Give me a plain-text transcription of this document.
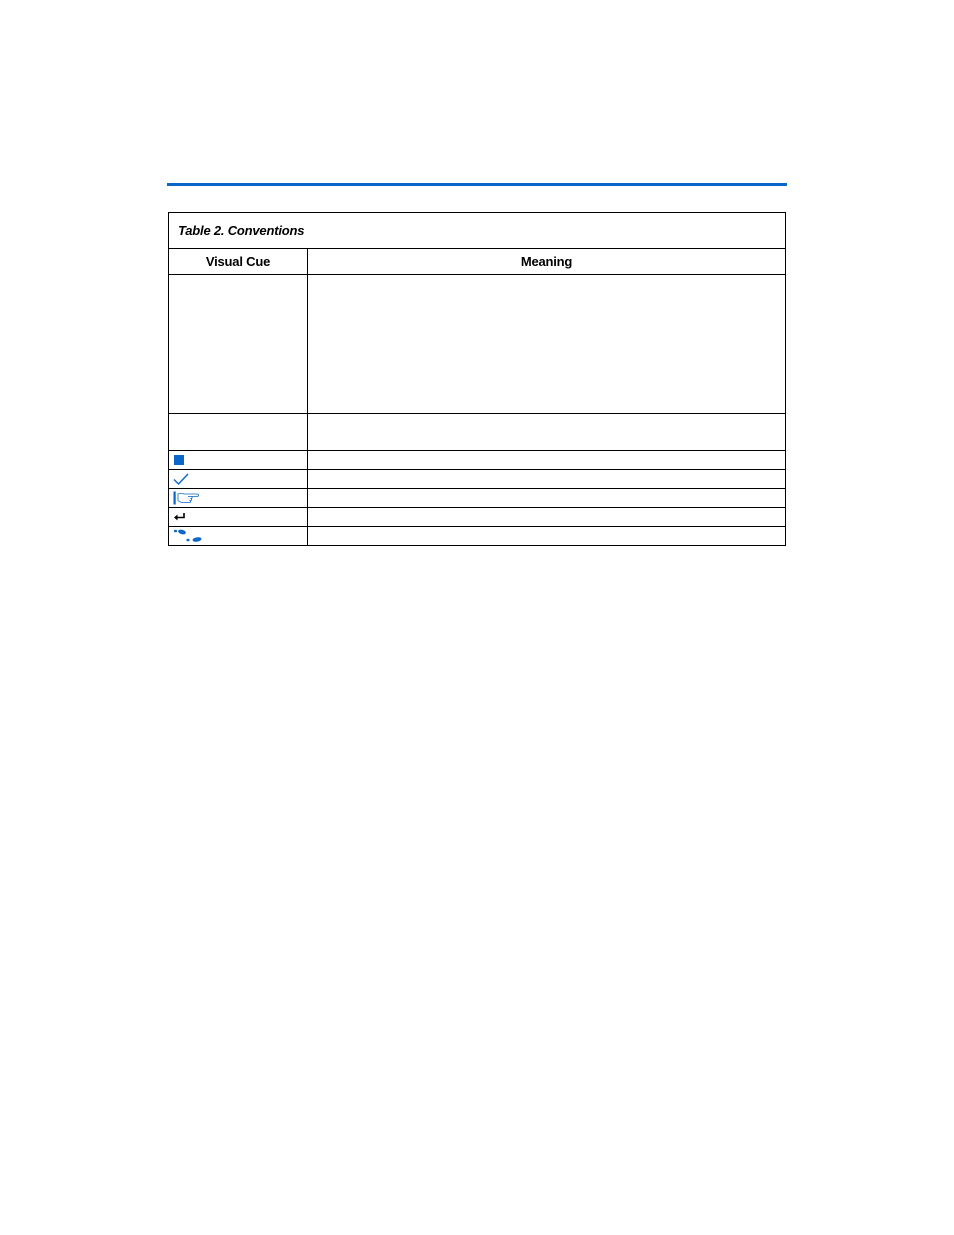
Table 2. Conventions	
Visual Cue	Meaning
